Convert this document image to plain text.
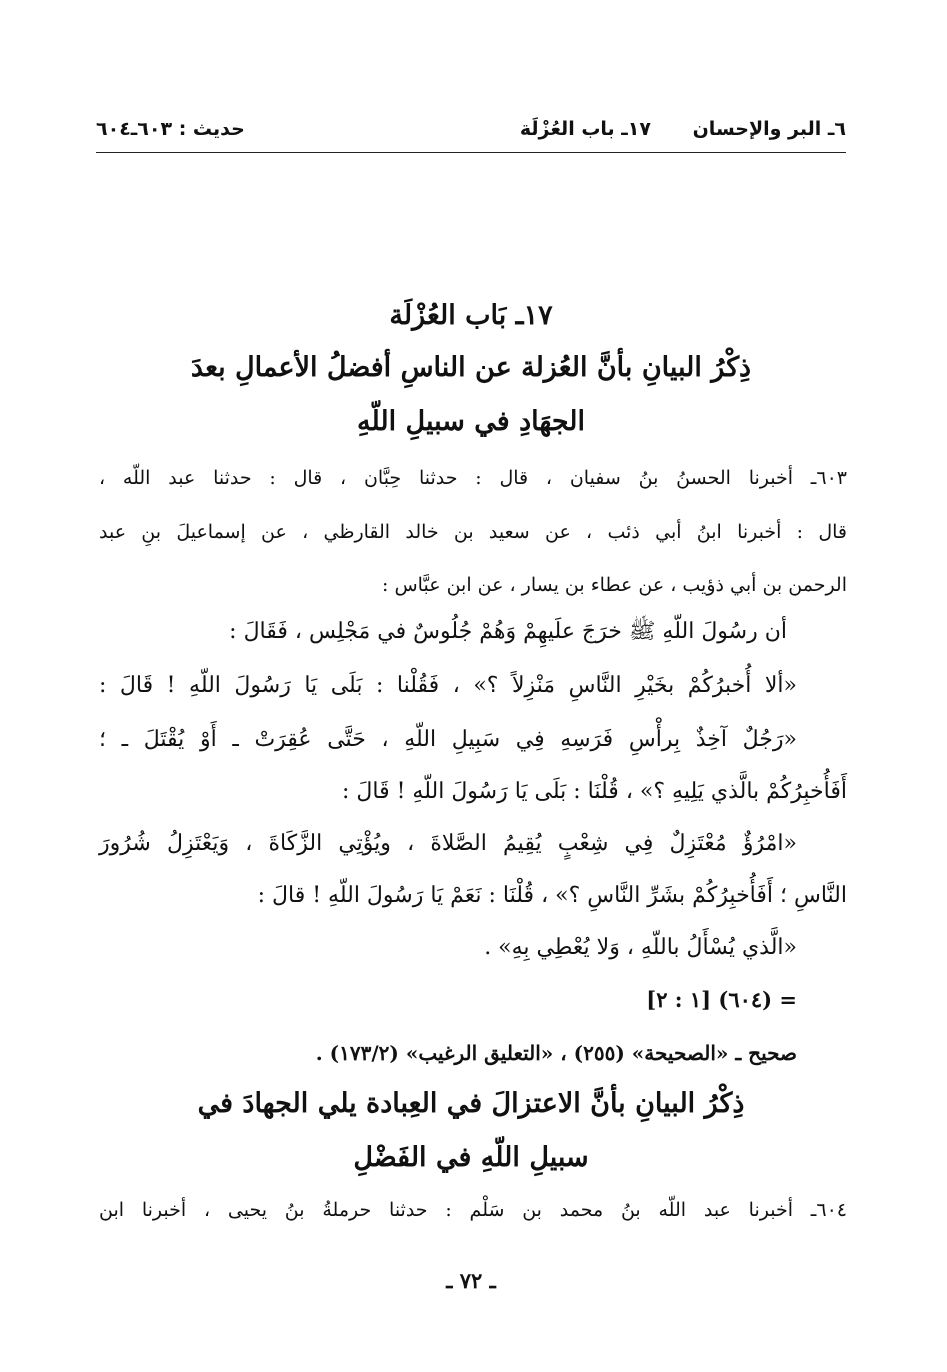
٦ـ البر والإحسان
١٧ـ باب العُزْلَة
حديث : ٦٠٣ـ٦٠٤
١٧ـ بَاب العُزْلَة
ذِكْرُ البيانِ بأنَّ العُزلة عن الناسِ أفضلُ الأعمالِ بعدَ
الجهَادِ في سبيلِ اللّهِ
٦٠٣ـ أخبرنا الحسنُ بنُ سفيان ، قال : حدثنا حِبَّان ، قال : حدثنا عبد اللّه ،
قال : أخبرنا ابنُ أبي ذئب ، عن سعيد بن خالد القارظي ، عن إسماعيلَ بنِ عبد
الرحمن بن أبي ذؤيب ، عن عطاء بن يسار ، عن ابن عبَّاس :
أن رسُولَ اللّهِ ﷺ خرَجَ علَيهِمْ وَهُمْ جُلُوسٌ في مَجْلِس ، فَقَالَ :
«ألا أُخبرُكُمْ بخَيْرِ النَّاسِ مَنْزِلاً ؟» ، فَقُلْنا : بَلَى يَا رَسُولَ اللّهِ ! قَالَ :
«رَجُلٌ آخِذٌ بِرأْسِ فَرَسِهِ فِي سَبِيلِ اللّهِ ، حَتَّى عُقِرَتْ ـ أَوْ يُقْتَلَ ـ ؛
أَفَأُخبِرُكُمْ بالَّذي يَلِيهِ ؟» ، قُلْنَا : بَلَى يَا رَسُولَ اللّهِ ! قَالَ :
«امْرُؤٌ مُعْتَزِلٌ فِي شِعْبٍ يُقِيمُ الصَّلاةَ ، ويُؤْتِي الزَّكَاةَ ، وَيَعْتَزِلُ شُرُورَ
النَّاسِ ؛ أَفَأُخبِرُكُمْ بشَرِّ النَّاسِ ؟» ، قُلْنَا : نَعَمْ يَا رَسُولَ اللّهِ ! قالَ :
«الَّذي يُسْأَلُ باللّهِ ، وَلا يُعْطِي بِهِ» .
= (٦٠٤) [١ : ٢]
صحيح ـ «الصحيحة» (٢٥٥) ، «التعليق الرغيب» (١٧٣/٢) .
ذِكْرُ البيانِ بأنَّ الاعتزالَ في العِبادة يلي الجهادَ في
سبيلِ اللّهِ في الفَضْلِ
٦٠٤ـ أخبرنا عبد اللّه بنُ محمد بن سَلْم : حدثنا حرملةُ بنُ يحيى ، أخبرنا ابن
ـ ٧٢ ـ
